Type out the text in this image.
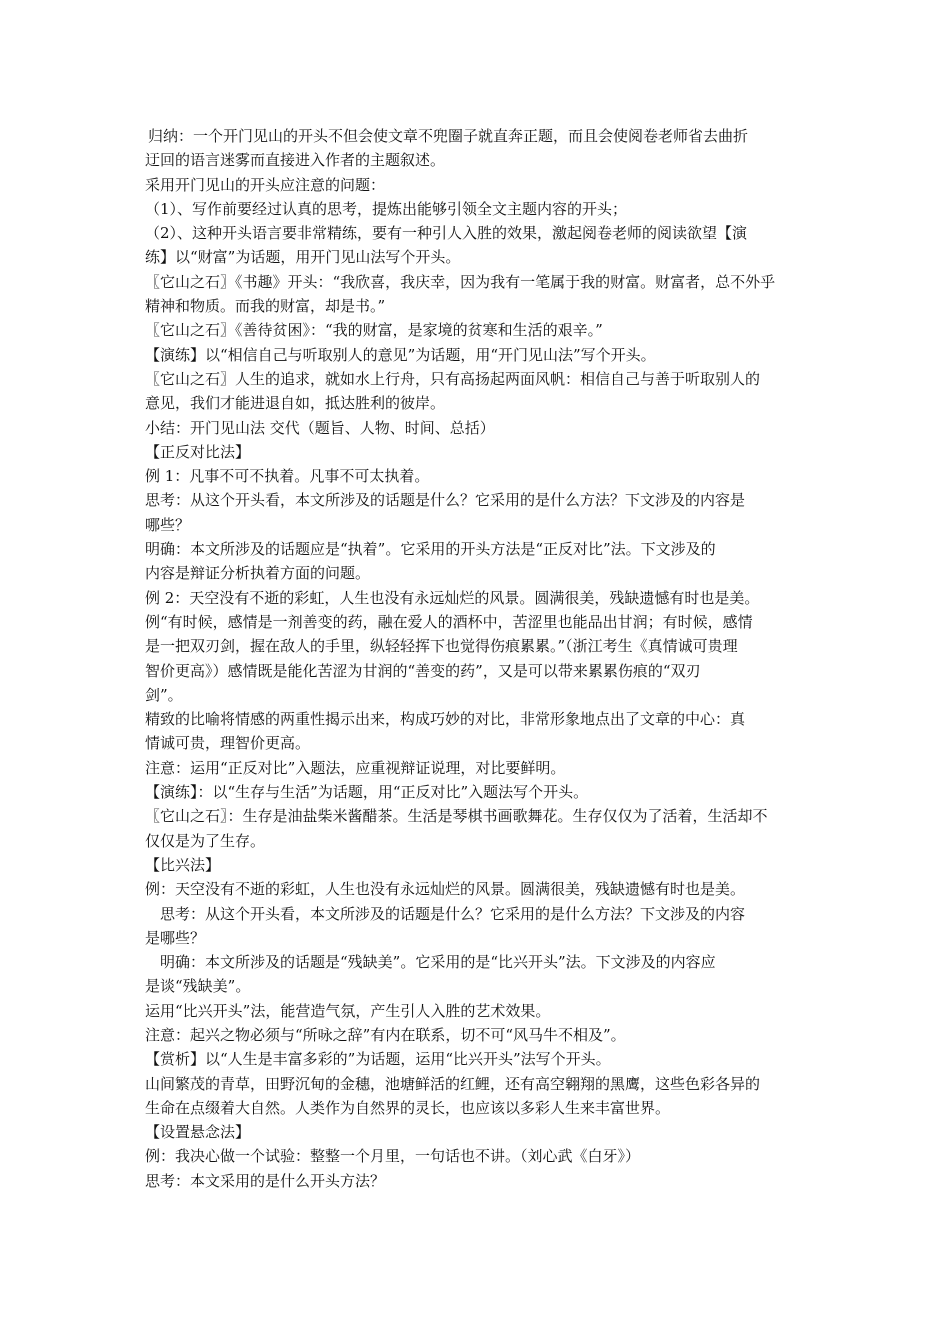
归纳：一个开门见山的开头不但会使文章不兜圈子就直奔正题，而且会使阅卷老师省去曲折
迂回的语言迷雾而直接进入作者的主题叙述。
采用开门见山的开头应注意的问题：
（1）、写作前要经过认真的思考，提炼出能够引领全文主题内容的开头；
（2）、这种开头语言要非常精练，要有一种引人入胜的效果，激起阅卷老师的阅读欲望【演
练】以“财富”为话题，用开门见山法写个开头。
〖它山之石〗《书趣》开头：“我欣喜，我庆幸，因为我有一笔属于我的财富。财富者，总不外乎
精神和物质。而我的财富，却是书。”
〖它山之石〗《善待贫困》：“我的财富，是家境的贫寒和生活的艰辛。”
【演练】以“相信自己与听取别人的意见”为话题，用“开门见山法”写个开头。
〖它山之石〗人生的追求，就如水上行舟，只有高扬起两面风帆：相信自己与善于听取别人的
意见，我们才能进退自如，抵达胜利的彼岸。
小结：开门见山法 交代（题旨、人物、时间、总括）
【正反对比法】
例 1：凡事不可不执着。凡事不可太执着。
思考：从这个开头看，本文所涉及的话题是什么？它采用的是什么方法？下文涉及的内容是
哪些？
明确：本文所涉及的话题应是“执着”。它采用的开头方法是“正反对比”法。下文涉及的
内容是辩证分析执着方面的问题。
例 2：天空没有不逝的彩虹，人生也没有永远灿烂的风景。圆满很美，残缺遗憾有时也是美。
例“有时候，感情是一剂善变的药，融在爱人的酒杯中，苦涩里也能品出甘润；有时候，感情
是一把双刃剑，握在敌人的手里，纵轻轻挥下也觉得伤痕累累。”（浙江考生《真情诚可贵理
智价更高》）感情既是能化苦涩为甘润的“善变的药”，又是可以带来累累伤痕的“双刃
剑”。
精致的比喻将情感的两重性揭示出来，构成巧妙的对比，非常形象地点出了文章的中心：真
情诚可贵，理智价更高。
注意：运用“正反对比”入题法，应重视辩证说理，对比要鲜明。
【演练】：以“生存与生活”为话题，用“正反对比”入题法写个开头。
〖它山之石〗：生存是油盐柴米酱醋茶。生活是琴棋书画歌舞花。生存仅仅为了活着，生活却不
仅仅是为了生存。
【比兴法】
例：天空没有不逝的彩虹，人生也没有永远灿烂的风景。圆满很美，残缺遗憾有时也是美。
思考：从这个开头看，本文所涉及的话题是什么？它采用的是什么方法？下文涉及的内容
是哪些？
明确：本文所涉及的话题是“残缺美”。它采用的是“比兴开头”法。下文涉及的内容应
是谈“残缺美”。
运用“比兴开头”法，能营造气氛，产生引人入胜的艺术效果。
注意：起兴之物必须与“所咏之辞”有内在联系，切不可“风马牛不相及”。
【赏析】以“人生是丰富多彩的”为话题，运用“比兴开头”法写个开头。
山间繁茂的青草，田野沉甸的金穗，池塘鲜活的红鲤，还有高空翱翔的黑鹰，这些色彩各异的
生命在点缀着大自然。人类作为自然界的灵长，也应该以多彩人生来丰富世界。
【设置悬念法】
例：我决心做一个试验：整整一个月里，一句话也不讲。（刘心武《白牙》）
思考：本文采用的是什么开头方法？
